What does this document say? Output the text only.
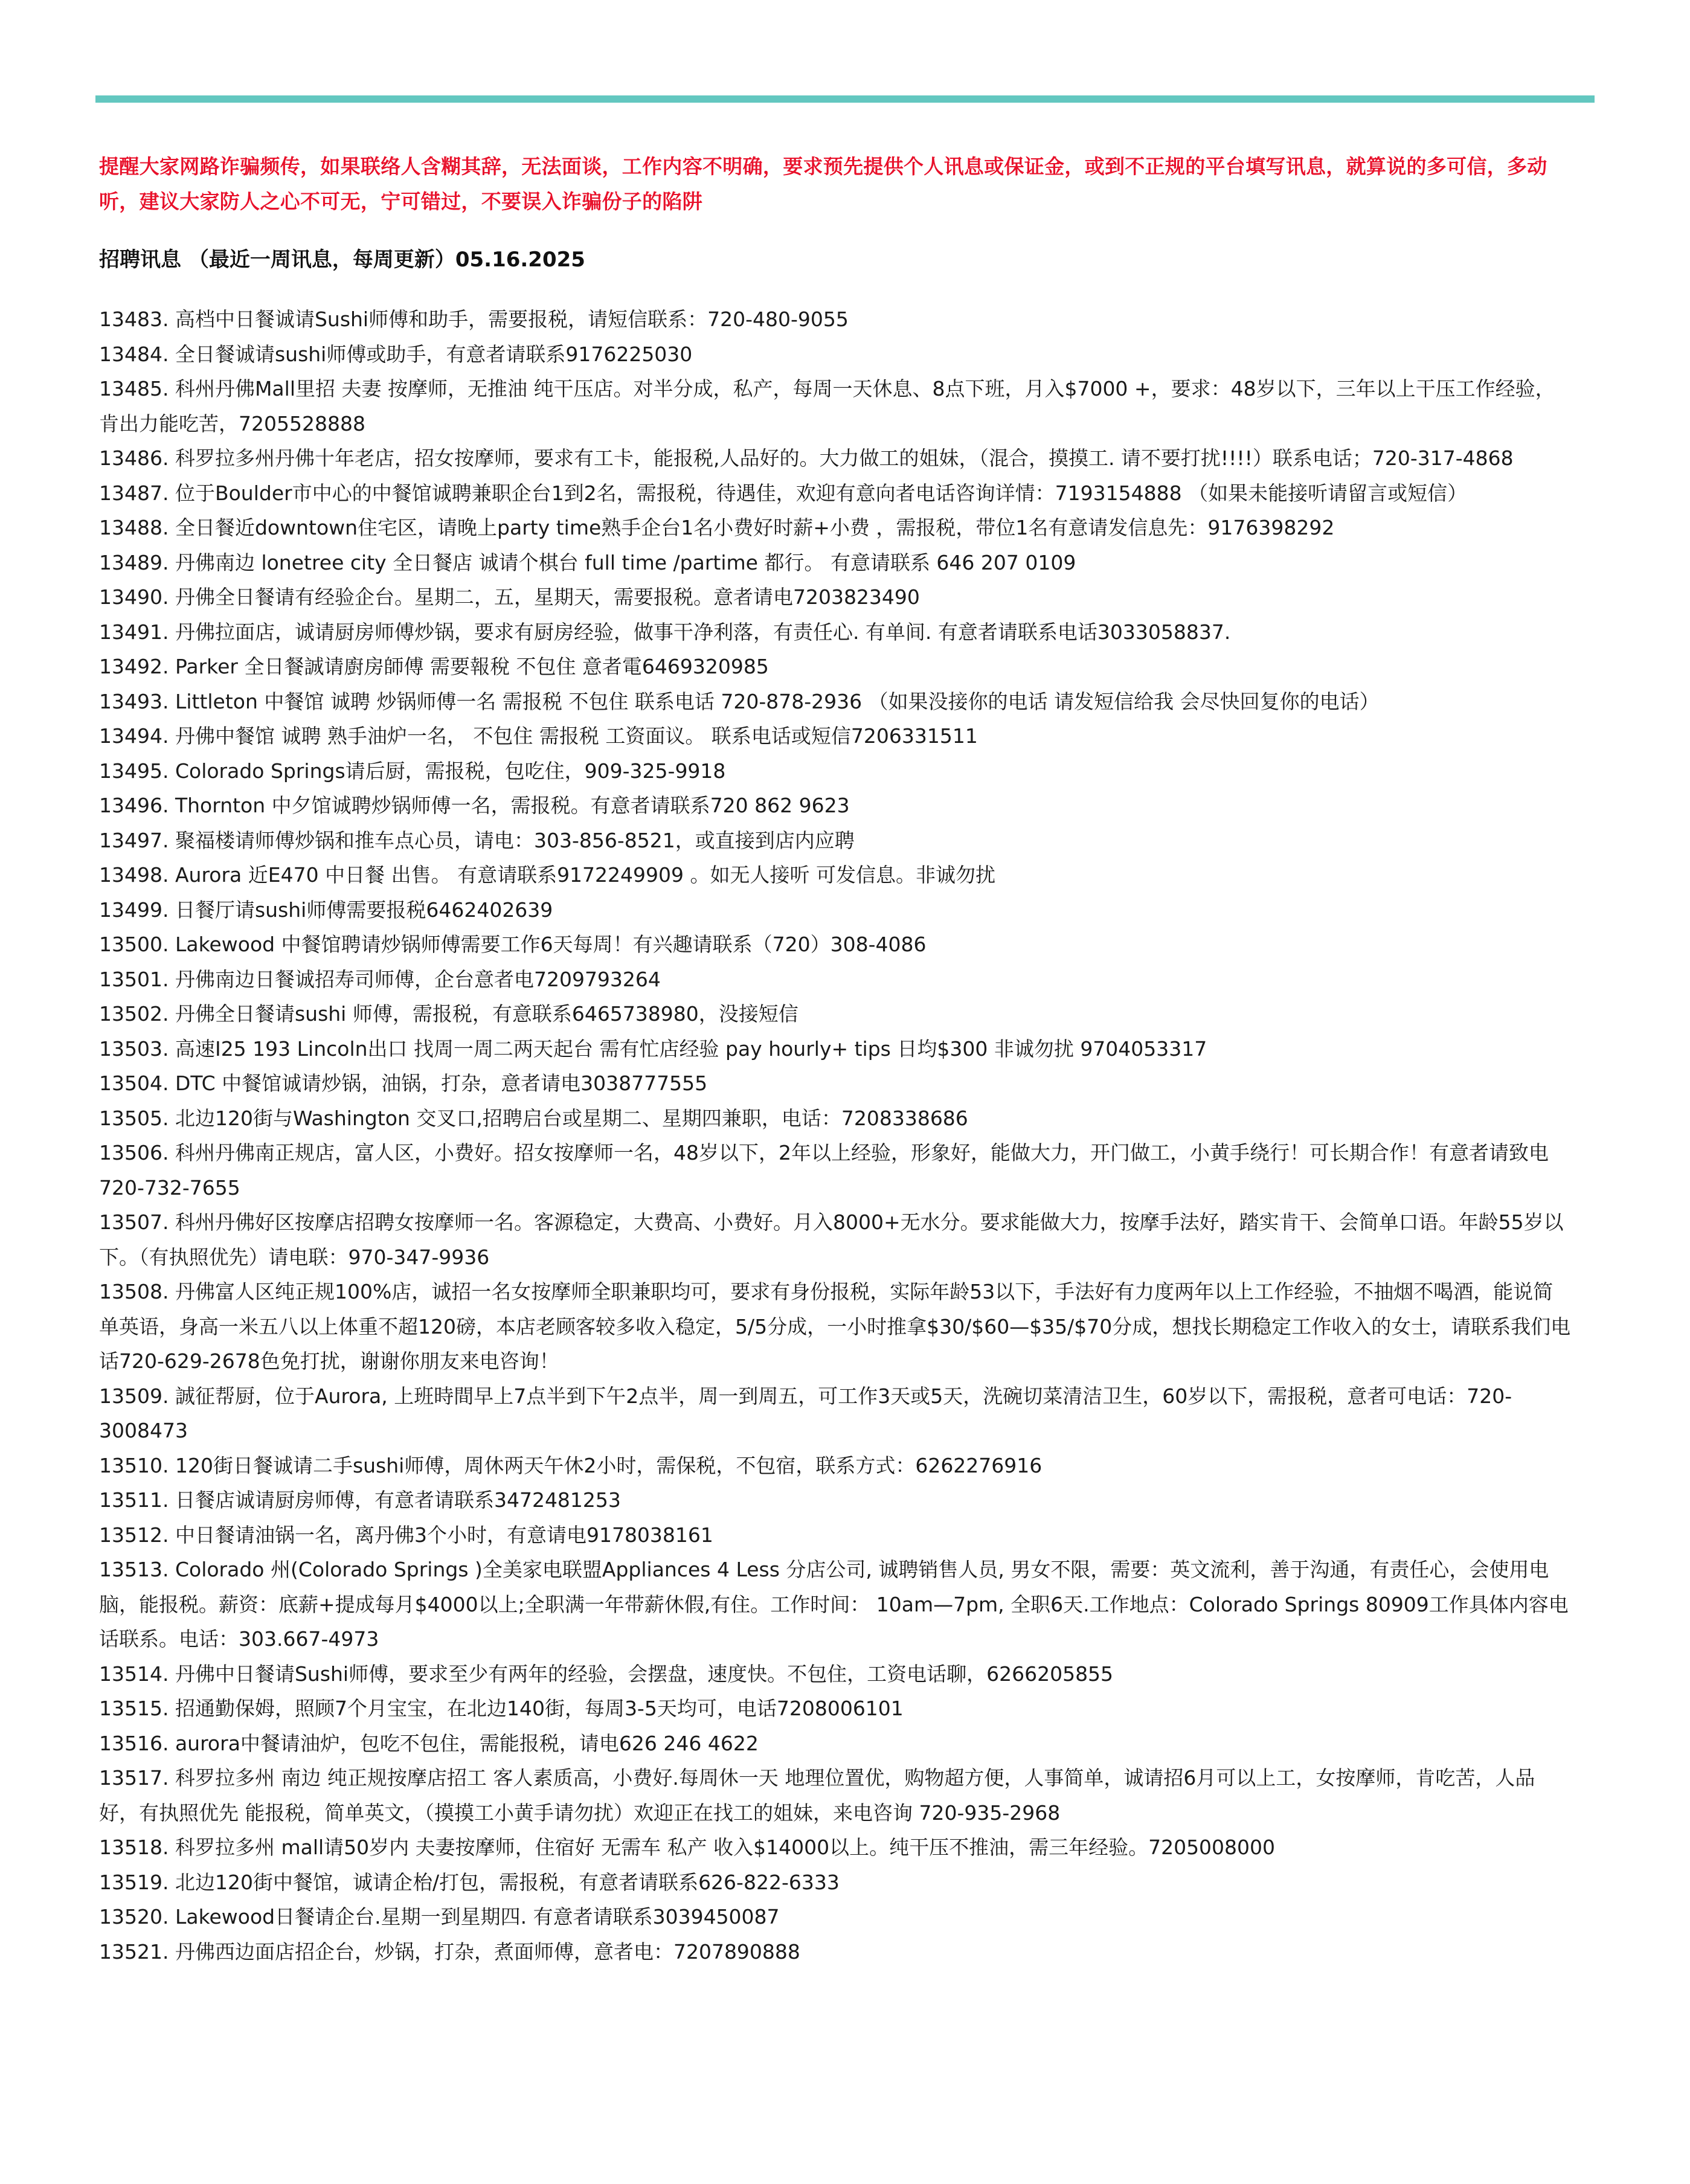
提醒大家网路诈骗频传，如果联络人含糊其辞，无法面谈，工作内容不明确，要求预先提供个人讯息或保证金，或到不正规的平台填写讯息，就算说的多可信，多动听，建议大家防人之心不可无，宁可错过，不要误入诈骗份子的陷阱

招聘讯息 （最近一周讯息，每周更新）05.16.2025

13483. 高档中日餐诚请Sushi师傅和助手，需要报税，请短信联系：720-480-9055
13484. 全日餐诚请sushi师傅或助手，有意者请联系9176225030
13485. 科州丹佛Mall里招 夫妻 按摩师，无推油 纯干压店。对半分成，私产，每周一天休息、8点下班，月入$7000 +，要求：48岁以下，三年以上干压工作经验，肯出力能吃苦，7205528888
13486. 科罗拉多州丹佛十年老店，招女按摩师，要求有工卡，能报税,人品好的。大力做工的姐妹，（混合，摸摸工. 请不要打扰!!!!）联系电话；720-317-4868
13487. 位于Boulder市中心的中餐馆诚聘兼职企台1到2名，需报税，待遇佳，欢迎有意向者电话咨询详情：7193154888 （如果未能接听请留言或短信）
13488. 全日餐近downtown住宅区，请晚上party time熟手企台1名小费好时薪+小费 ，需报税，带位1名有意请发信息先：9176398292
13489. 丹佛南边 lonetree city 全日餐店 诚请个棋台 full time /partime 都行。 有意请联系 646 207 0109
13490. 丹佛全日餐请有经验企台。星期二，五，星期天，需要报税。意者请电7203823490
13491. 丹佛拉面店，诚请厨房师傅炒锅，要求有厨房经验，做事干净利落，有责任心. 有单间. 有意者请联系电话3033058837.
13492. Parker 全日餐誠请廚房師傅 需要報稅 不包住 意者電6469320985
13493. Littleton 中餐馆 诚聘 炒锅师傅一名 需报税 不包住 联系电话 720-878-2936 （如果没接你的电话 请发短信给我 会尽快回复你的电话）
13494. 丹佛中餐馆 诚聘 熟手油炉一名， 不包住 需报税 工资面议。 联系电话或短信7206331511
13495. Colorado Springs请后厨，需报税，包吃住，909-325-9918
13496. Thornton 中夕馆诚聘炒锅师傅一名，需报税。有意者请联系720 862 9623
13497. 聚福楼请师傅炒锅和推车点心员，请电：303-856-8521，或直接到店内应聘
13498. Aurora 近E470 中日餐 出售。 有意请联系9172249909 。如无人接听 可发信息。非诚勿扰
13499. 日餐厅请sushi师傅需要报税6462402639
13500. Lakewood 中餐馆聘请炒锅师傅需要工作6天每周！有兴趣请联系（720）308-4086
13501. 丹佛南边日餐诚招寿司师傅，企台意者电7209793264
13502. 丹佛全日餐请sushi 师傅，需报税，有意联系6465738980，没接短信
13503. 高速I25 193 Lincoln出口 找周一周二两天起台 需有忙店经验 pay hourly+ tips 日均$300 非诚勿扰 9704053317
13504. DTC 中餐馆诚请炒锅，油锅，打杂，意者请电3038777555
13505. 北边120街与Washington 交叉口,招聘启台或星期二、星期四兼职，电话：7208338686
13506. 科州丹佛南正规店，富人区，小费好。招女按摩师一名，48岁以下，2年以上经验，形象好，能做大力，开门做工，小黄手绕行！可长期合作！有意者请致电720-732-7655
13507. 科州丹佛好区按摩店招聘女按摩师一名。客源稳定，大费高、小费好。月入8000+无水分。要求能做大力，按摩手法好，踏实肯干、会简单口语。年龄55岁以下。（有执照优先）请电联：970-347-9936
13508. 丹佛富人区纯正规100%店，诚招一名女按摩师全职兼职均可，要求有身份报税，实际年龄53以下，手法好有力度两年以上工作经验，不抽烟不喝酒，能说简单英语，身高一米五八以上体重不超120磅，本店老顾客较多收入稳定，5/5分成，一小时推拿$30/$60—$35/$70分成，想找长期稳定工作收入的女士，请联系我们电话720-629-2678色免打扰，谢谢你朋友来电咨询！
13509. 誠征帮厨，位于Aurora, 上班時間早上7点半到下午2点半，周一到周五，可工作3天或5天，洗碗切菜清洁卫生，60岁以下，需报税，意者可电话：720-3008473
13510. 120街日餐诚请二手sushi师傅，周休两天午休2小时，需保税，不包宿，联系方式：6262276916
13511. 日餐店诚请厨房师傅，有意者请联系3472481253
13512. 中日餐请油锅一名，离丹佛3个小时，有意请电9178038161
13513. Colorado 州(Colorado Springs )全美家电联盟Appliances 4 Less 分店公司, 诚聘销售人员, 男女不限，需要：英文流利，善于沟通，有责任心，会使用电脑，能报税。薪资：底薪+提成每月$4000以上;全职满一年带薪休假,有住。工作时间： 10am—7pm, 全职6天.工作地点：Colorado Springs 80909工作具体内容电话联系。电话：303.667-4973
13514. 丹佛中日餐请Sushi师傅，要求至少有两年的经验，会摆盘，速度快。不包住，工资电话聊，6266205855
13515. 招通勤保姆，照顾7个月宝宝，在北边140街，每周3-5天均可，电话7208006101
13516. aurora中餐请油炉，包吃不包住，需能报税，请电626 246 4622
13517. 科罗拉多州 南边 纯正规按摩店招工 客人素质高，小费好.每周休一天 地理位置优，购物超方便，人事简单，诚请招6月可以上工，女按摩师，肯吃苦，人品好，有执照优先 能报税，简单英文，（摸摸工小黄手请勿扰）欢迎正在找工的姐妹，来电咨询 720-935-2968
13518. 科罗拉多州 mall请50岁内 夫妻按摩师，住宿好 无需车 私产 收入$14000以上。纯干压不推油，需三年经验。7205008000
13519. 北边120街中餐馆，诚请企枱/打包，需报税，有意者请联系626-822-6333
13520. Lakewood日餐请企台.星期一到星期四. 有意者请联系3039450087
13521. 丹佛西边面店招企台，炒锅，打杂，煮面师傅，意者电：7207890888
